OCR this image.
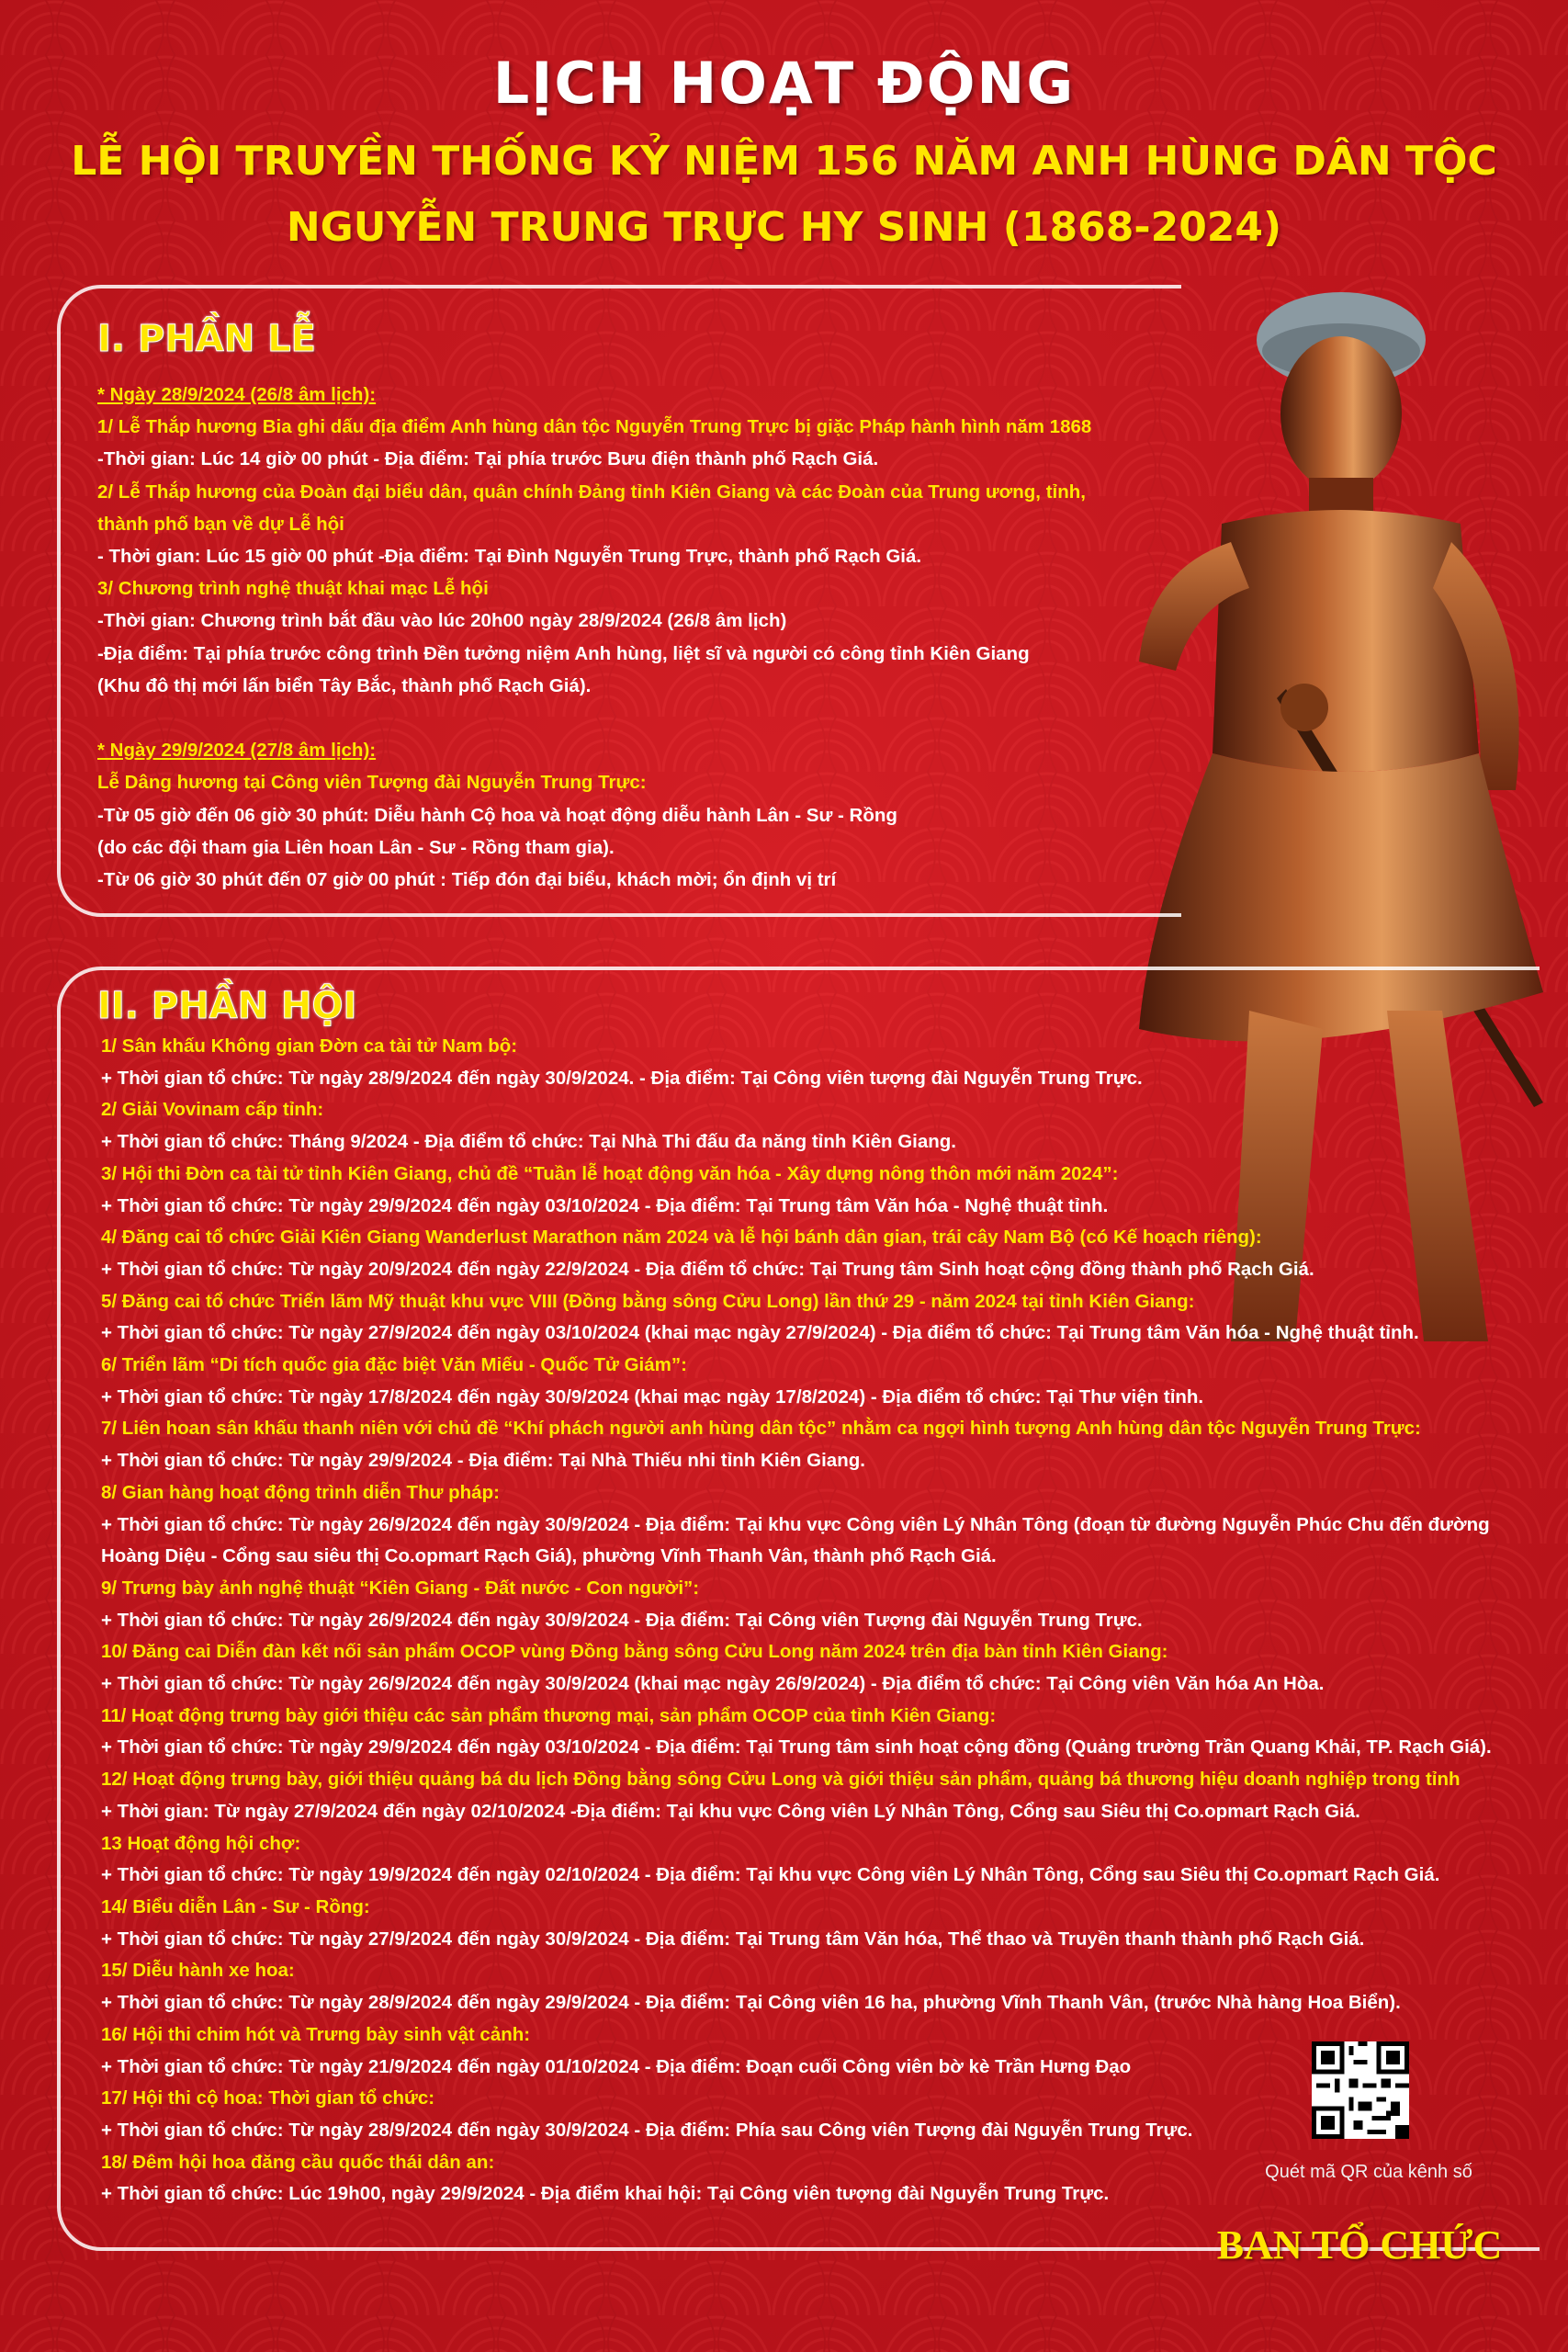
LỊCH HOẠT ĐỘNG
LỄ HỘI TRUYỀN THỐNG KỶ NIỆM 156 NĂM ANH HÙNG DÂN TỘC
NGUYỄN TRUNG TRỰC HY SINH (1868-2024)
I. PHẦN LỄ
* Ngày 28/9/2024 (26/8 âm lịch):
1/ Lễ Thắp hương Bia ghi dấu địa điểm Anh hùng dân tộc Nguyễn Trung Trực bị giặc Pháp hành hình năm 1868
-Thời gian: Lúc 14 giờ 00 phút - Địa điểm: Tại phía trước Bưu điện thành phố Rạch Giá.
2/ Lễ Thắp hương của Đoàn đại biểu dân, quân chính Đảng tỉnh Kiên Giang và các Đoàn của Trung ương, tỉnh,
thành phố bạn về dự Lễ hội
- Thời gian: Lúc 15 giờ 00 phút -Địa điểm: Tại Đình Nguyễn Trung Trực, thành phố Rạch Giá.
3/ Chương trình nghệ thuật khai mạc Lễ hội
-Thời gian: Chương trình bắt đầu vào lúc 20h00 ngày 28/9/2024 (26/8 âm lịch)
-Địa điểm: Tại phía trước công trình Đền tưởng niệm Anh hùng, liệt sĩ và người có công tỉnh Kiên Giang
(Khu đô thị mới lấn biển Tây Bắc, thành phố Rạch Giá).

* Ngày 29/9/2024 (27/8 âm lịch):
Lễ Dâng hương tại Công viên Tượng đài Nguyễn Trung Trực:
-Từ 05 giờ đến 06 giờ 30 phút: Diễu hành Cộ hoa và hoạt động diễu hành Lân - Sư - Rồng
(do các đội tham gia Liên hoan Lân - Sư - Rồng tham gia).
-Từ 06 giờ 30 phút đến 07 giờ 00 phút : Tiếp đón đại biểu, khách mời; ổn định vị trí
II. PHẦN HỘI
1/ Sân khấu Không gian Đờn ca tài tử Nam bộ:
+ Thời gian tổ chức: Từ ngày 28/9/2024 đến ngày 30/9/2024. - Địa điểm: Tại Công viên tượng đài Nguyễn Trung Trực.
2/ Giải Vovinam cấp tỉnh:
+ Thời gian tổ chức: Tháng 9/2024 - Địa điểm tổ chức: Tại Nhà Thi đấu đa năng tỉnh Kiên Giang.
3/ Hội thi Đờn ca tài tử tỉnh Kiên Giang, chủ đề “Tuần lễ hoạt động văn hóa - Xây dựng nông thôn mới năm 2024”:
+ Thời gian tổ chức: Từ ngày 29/9/2024 đến ngày 03/10/2024 - Địa điểm: Tại Trung tâm Văn hóa - Nghệ thuật tỉnh.
4/ Đăng cai tổ chức Giải Kiên Giang Wanderlust Marathon năm 2024 và lễ hội bánh dân gian, trái cây Nam Bộ (có Kế hoạch riêng):
+ Thời gian tổ chức: Từ ngày 20/9/2024 đến ngày 22/9/2024 - Địa điểm tổ chức: Tại Trung tâm Sinh hoạt cộng đồng thành phố Rạch Giá.
5/ Đăng cai tổ chức Triển lãm Mỹ thuật khu vực VIII (Đồng bằng sông Cửu Long) lần thứ 29 - năm 2024 tại tỉnh Kiên Giang:
+ Thời gian tổ chức: Từ ngày 27/9/2024 đến ngày 03/10/2024 (khai mạc ngày 27/9/2024) - Địa điểm tổ chức: Tại Trung tâm Văn hóa - Nghệ thuật tỉnh.
6/ Triển lãm “Di tích quốc gia đặc biệt Văn Miếu - Quốc Tử Giám”:
+ Thời gian tổ chức: Từ ngày 17/8/2024 đến ngày 30/9/2024 (khai mạc ngày 17/8/2024) - Địa điểm tổ chức: Tại Thư viện tỉnh.
7/ Liên hoan sân khấu thanh niên với chủ đề “Khí phách người anh hùng dân tộc” nhằm ca ngợi hình tượng Anh hùng dân tộc Nguyễn Trung Trực:
+ Thời gian tổ chức: Từ ngày 29/9/2024 - Địa điểm: Tại Nhà Thiếu nhi tỉnh Kiên Giang.
8/ Gian hàng hoạt động trình diễn Thư pháp:
+ Thời gian tổ chức: Từ ngày 26/9/2024 đến ngày 30/9/2024 - Địa điểm: Tại khu vực Công viên Lý Nhân Tông (đoạn từ đường Nguyễn Phúc Chu đến đường
Hoàng Diệu - Cổng sau siêu thị Co.opmart Rạch Giá), phường Vĩnh Thanh Vân, thành phố Rạch Giá.
9/ Trưng bày ảnh nghệ thuật “Kiên Giang - Đất nước - Con người”:
+ Thời gian tổ chức: Từ ngày 26/9/2024 đến ngày 30/9/2024 - Địa điểm: Tại Công viên Tượng đài Nguyễn Trung Trực.
10/ Đăng cai Diễn đàn kết nối sản phẩm OCOP vùng Đồng bằng sông Cửu Long năm 2024 trên địa bàn tỉnh Kiên Giang:
+ Thời gian tổ chức: Từ ngày 26/9/2024 đến ngày 30/9/2024 (khai mạc ngày 26/9/2024) - Địa điểm tổ chức: Tại Công viên Văn hóa An Hòa.
11/ Hoạt động trưng bày giới thiệu các sản phẩm thương mại, sản phẩm OCOP của tỉnh Kiên Giang:
+ Thời gian tổ chức: Từ ngày 29/9/2024 đến ngày 03/10/2024 - Địa điểm: Tại Trung tâm sinh hoạt cộng đồng (Quảng trường Trần Quang Khải, TP. Rạch Giá).
12/ Hoạt động trưng bày, giới thiệu quảng bá du lịch Đồng bằng sông Cửu Long và giới thiệu sản phẩm, quảng bá thương hiệu doanh nghiệp trong tỉnh
+ Thời gian: Từ ngày 27/9/2024 đến ngày 02/10/2024 -Địa điểm: Tại khu vực Công viên Lý Nhân Tông, Cổng sau Siêu thị Co.opmart Rạch Giá.
13 Hoạt động hội chợ:
+ Thời gian tổ chức: Từ ngày 19/9/2024 đến ngày 02/10/2024 - Địa điểm: Tại khu vực Công viên Lý Nhân Tông, Cổng sau Siêu thị Co.opmart Rạch Giá.
14/ Biểu diễn Lân - Sư - Rồng:
+ Thời gian tổ chức: Từ ngày 27/9/2024 đến ngày 30/9/2024 - Địa điểm: Tại Trung tâm Văn hóa, Thể thao và Truyền thanh thành phố Rạch Giá.
15/ Diễu hành xe hoa:
+ Thời gian tổ chức: Từ ngày 28/9/2024 đến ngày 29/9/2024 - Địa điểm: Tại Công viên 16 ha, phường Vĩnh Thanh Vân, (trước Nhà hàng Hoa Biển).
16/ Hội thi chim hót và Trưng bày sinh vật cảnh:
+ Thời gian tổ chức: Từ ngày 21/9/2024 đến ngày 01/10/2024 - Địa điểm: Đoạn cuối Công viên bờ kè Trần Hưng Đạo
17/ Hội thi cộ hoa: Thời gian tổ chức:
+ Thời gian tổ chức: Từ ngày 28/9/2024 đến ngày 30/9/2024 - Địa điểm: Phía sau Công viên Tượng đài Nguyễn Trung Trực.
18/ Đêm hội hoa đăng cầu quốc thái dân an:
+ Thời gian tổ chức: Lúc 19h00, ngày 29/9/2024 - Địa điểm khai hội: Tại Công viên tượng đài Nguyễn Trung Trực.
Quét mã QR của kênh số
BAN TỔ CHỨC
